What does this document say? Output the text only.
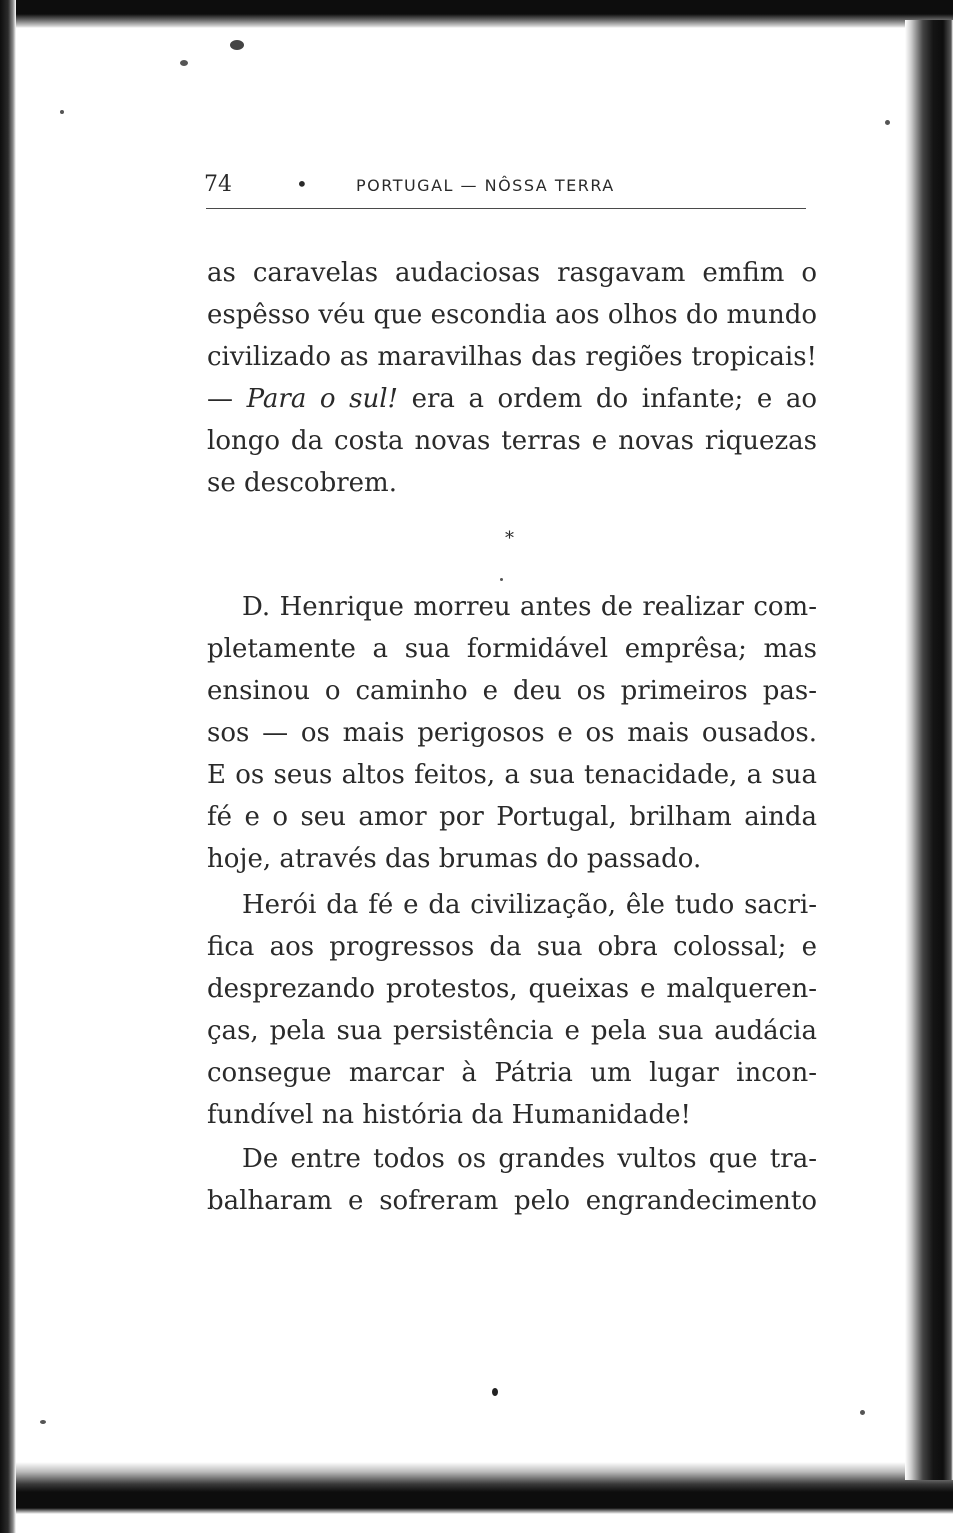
74	•	PORTUGAL — NÔSSA TERRA
as caravelas audaciosas rasgavam emfim o
espêsso véu que escondia aos olhos do mundo
civilizado as maravilhas das regiões tropicais!
— Para o sul! era a ordem do infante; e ao
longo da costa novas terras e novas riquezas
se descobrem.
*
D. Henrique morreu antes de realizar com-
pletamente a sua formidável emprêsa; mas
ensinou o caminho e deu os primeiros pas-
sos — os mais perigosos e os mais ousados.
E os seus altos feitos, a sua tenacidade, a sua
fé e o seu amor por Portugal, brilham ainda
hoje, através das brumas do passado.
Herói da fé e da civilização, êle tudo sacri-
fica aos progressos da sua obra colossal; e
desprezando protestos, queixas e malqueren-
ças, pela sua persistência e pela sua audácia
consegue marcar à Pátria um lugar incon-
fundível na história da Humanidade!
De entre todos os grandes vultos que tra-
balharam e sofreram pelo engrandecimento
